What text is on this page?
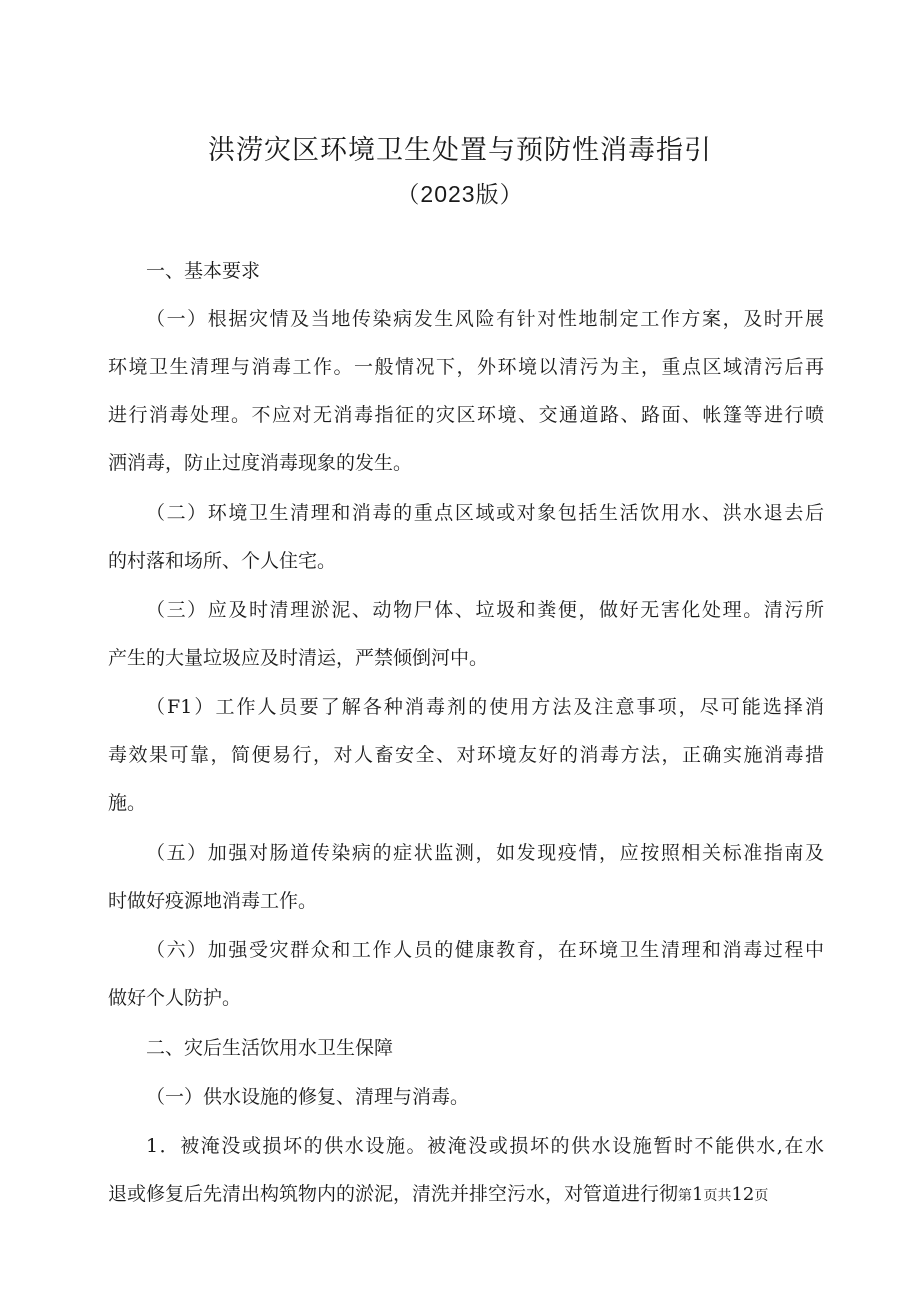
洪涝灾区环境卫生处置与预防性消毒指引
（2023版）

一、基本要求

（一）根据灾情及当地传染病发生风险有针对性地制定工作方案，及时开展

环境卫生清理与消毒工作。一般情况下，外环境以清污为主，重点区域清污后再

进行消毒处理。不应对无消毒指征的灾区环境、交通道路、路面、帐篷等进行喷

洒消毒，防止过度消毒现象的发生。

（二）环境卫生清理和消毒的重点区域或对象包括生活饮用水、洪水退去后

的村落和场所、个人住宅。

（三）应及时清理淤泥、动物尸体、垃圾和粪便，做好无害化处理。清污所

产生的大量垃圾应及时清运，严禁倾倒河中。

（F1）工作人员要了解各种消毒剂的使用方法及注意事项，尽可能选择消

毒效果可靠，简便易行，对人畜安全、对环境友好的消毒方法，正确实施消毒措

施。

（五）加强对肠道传染病的症状监测，如发现疫情，应按照相关标准指南及

时做好疫源地消毒工作。

（六）加强受灾群众和工作人员的健康教育，在环境卫生清理和消毒过程中

做好个人防护。

二、灾后生活饮用水卫生保障

（一）供水设施的修复、清理与消毒。

1．被淹没或损坏的供水设施。被淹没或损坏的供水设施暂时不能供水,在水

退或修复后先清出构筑物内的淤泥，清洗并排空污水，对管道进行彻第1页共12页
